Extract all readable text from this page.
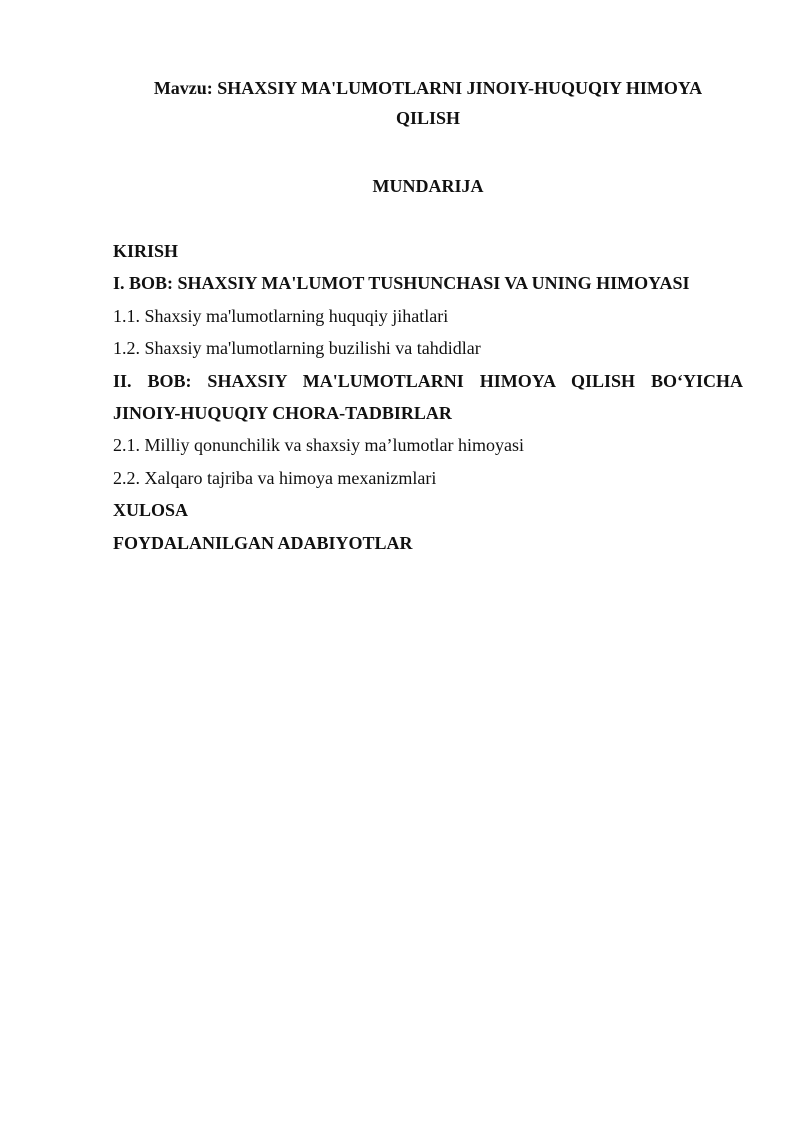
Mavzu: SHAXSIY MA'LUMOTLARNI JINOIY-HUQUQIY HIMOYA
QILISH
MUNDARIJA
KIRISH
I. BOB: SHAXSIY MA'LUMOT TUSHUNCHASI VA UNING HIMOYASI
1.1. Shaxsiy ma'lumotlarning huquqiy jihatlari
1.2. Shaxsiy ma'lumotlarning buzilishi va tahdidlar
II. BOB: SHAXSIY MA'LUMOTLARNI HIMOYA QILISH BO‘YICHA
JINOIY-HUQUQIY CHORA-TADBIRLAR
2.1. Milliy qonunchilik va shaxsiy ma’lumotlar himoyasi
2.2. Xalqaro tajriba va himoya mexanizmlari
XULOSA
FOYDALANILGAN ADABIYOTLAR
